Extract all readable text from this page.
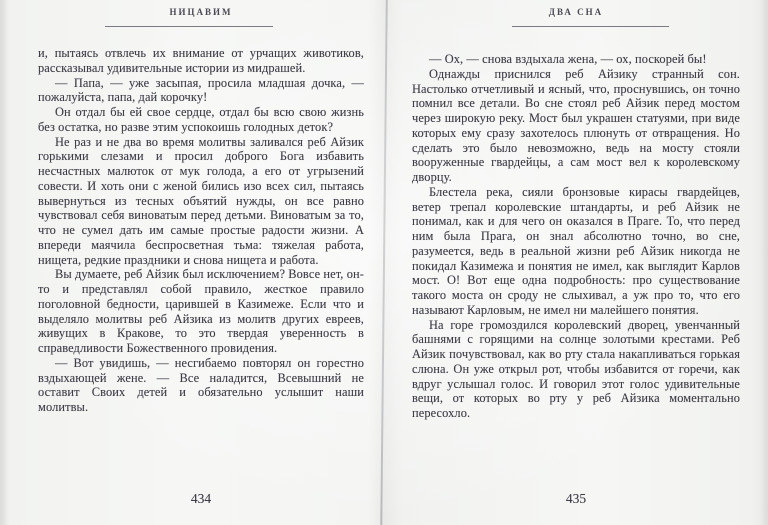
НИЦАВИМ

и, пытаясь отвлечь их внимание от урчащих животиков, рассказывал удивительные истории из мидрашей.

— Папа, — уже засыпая, просила младшая дочка, — пожалуйста, папа, дай корочку!

Он отдал бы ей свое сердце, отдал бы всю свою жизнь без остатка, но разве этим успокоишь голодных деток?

Не раз и не два во время молитвы заливался реб Айзик горькими слезами и просил доброго Бога избавить несчастных малюток от мук голода, а его от угрызений совести. И хоть они с женой бились изо всех сил, пытаясь вывернуться из тесных объятий нужды, он все равно чувствовал себя виноватым перед детьми. Виноватым за то, что не сумел дать им самые простые радости жизни. А впереди маячила беспросветная тьма: тяжелая работа, нищета, редкие праздники и снова нищета и работа.

Вы думаете, реб Айзик был исключением? Вовсе нет, он-то и представлял собой правило, жесткое правило поголовной бедности, царившей в Казимеже. Если что и выделяло молитвы реб Айзика из молитв других евреев, живущих в Кракове, то это твердая уверенность в справедливости Божественного провидения.

— Вот увидишь, — несгибаемо повторял он горестно вздыхающей жене. — Все наладится, Всевышний не оставит Своих детей и обязательно услышит наши молитвы.

434
ДВА СНА

— Ох, — снова вздыхала жена, — ох, поскорей бы!

Однажды приснился реб Айзику странный сон. Настолько отчетливый и ясный, что, проснувшись, он точно помнил все детали. Во сне стоял реб Айзик перед мостом через широкую реку. Мост был украшен статуями, при виде которых ему сразу захотелось плюнуть от отвращения. Но сделать это было невозможно, ведь на мосту стояли вооруженные гвардейцы, а сам мост вел к королевскому дворцу.

Блестела река, сияли бронзовые кирасы гвардейцев, ветер трепал королевские штандарты, и реб Айзик не понимал, как и для чего он оказался в Праге. То, что перед ним была Прага, он знал абсолютно точно, во сне, разумеется, ведь в реальной жизни реб Айзик никогда не покидал Казимежа и понятия не имел, как выглядит Карлов мост. О! Вот еще одна подробность: про существование такого моста он сроду не слыхивал, а уж про то, что его называют Карловым, не имел ни малейшего понятия.

На горе громоздился королевский дворец, увенчанный башнями с горящими на солнце золотыми крестами. Реб Айзик почувствовал, как во рту стала накапливаться горькая слюна. Он уже открыл рот, чтобы избавится от горечи, как вдруг услышал голос. И говорил этот голос удивительные вещи, от которых во рту у реб Айзика моментально пересохло.

435
